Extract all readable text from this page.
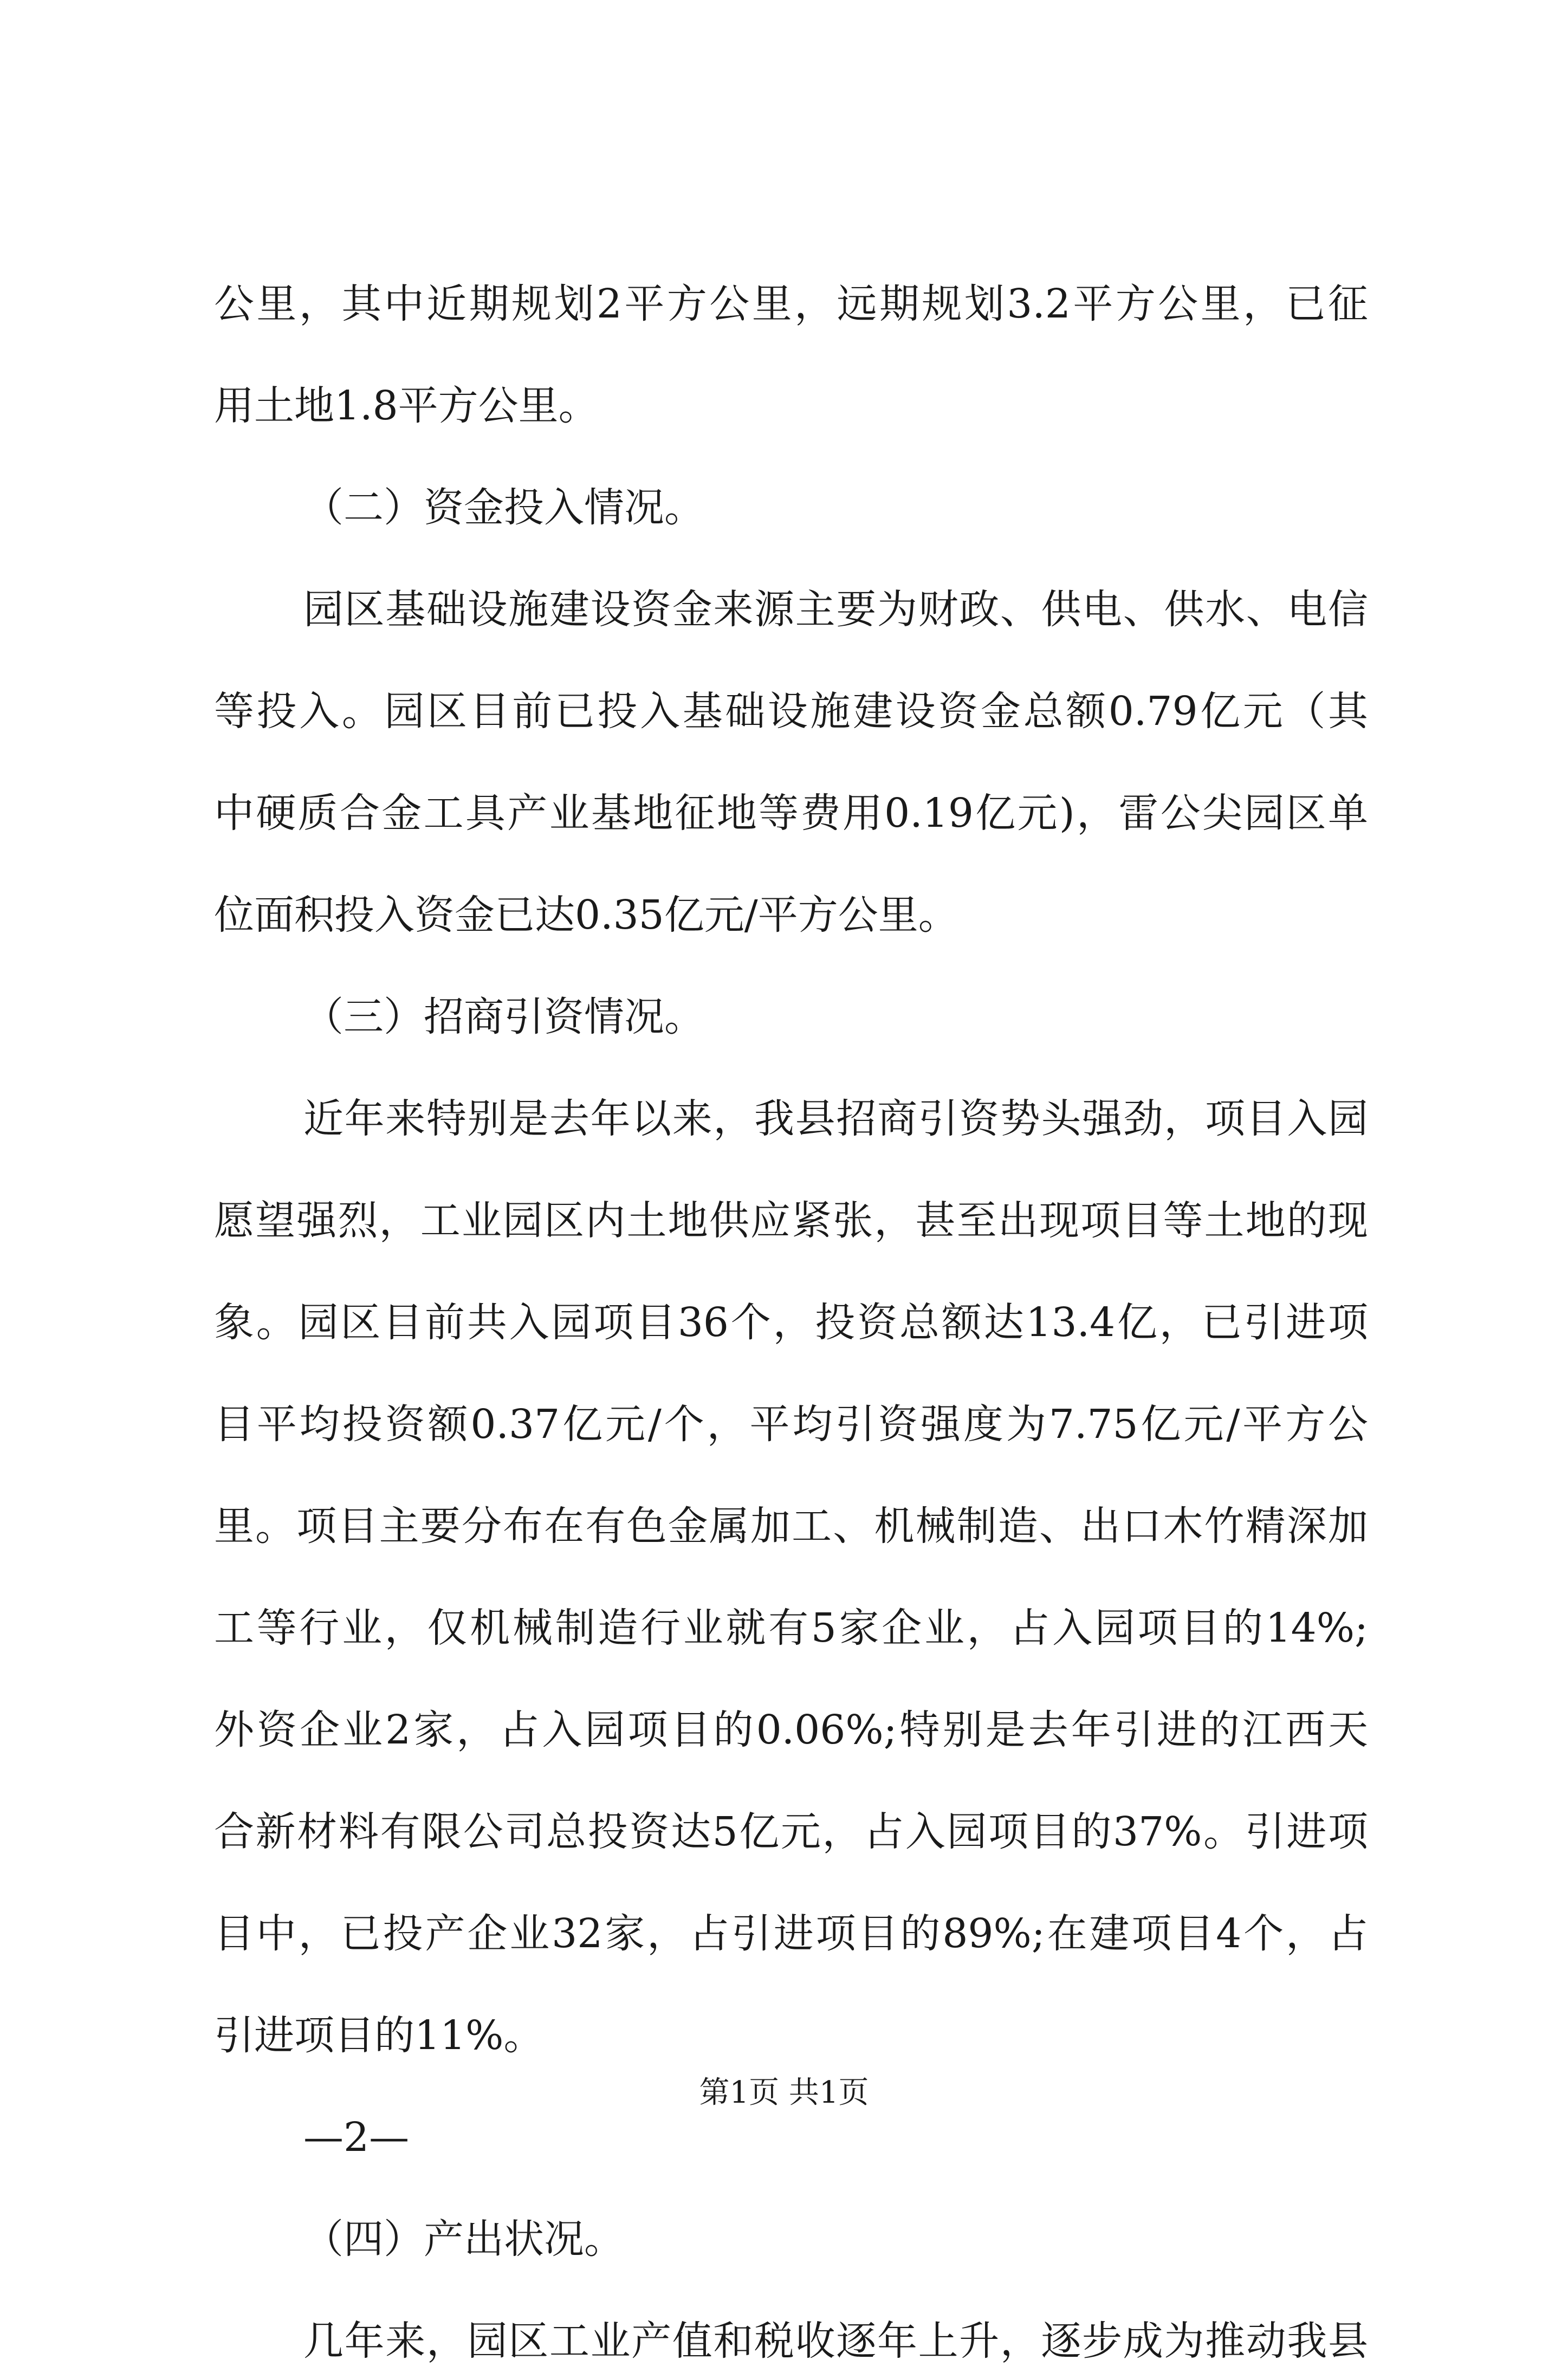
公里，其中近期规划2平方公里，远期规划3.2平方公里，已征
用土地1.8平方公里。
（二）资金投入情况。
园区基础设施建设资金来源主要为财政、供电、供水、电信
等投入。园区目前已投入基础设施建设资金总额0.79亿元（其
中硬质合金工具产业基地征地等费用0.19亿元)，雷公尖园区单
位面积投入资金已达0.35亿元/平方公里。
（三）招商引资情况。
近年来特别是去年以来，我县招商引资势头强劲，项目入园
愿望强烈，工业园区内土地供应紧张，甚至出现项目等土地的现
象。园区目前共入园项目36个，投资总额达13.4亿，已引进项
目平均投资额0.37亿元/个，平均引资强度为7.75亿元/平方公
里。项目主要分布在有色金属加工、机械制造、出口木竹精深加
工等行业，仅机械制造行业就有5家企业，占入园项目的14%;
外资企业2家，占入园项目的0.06%;特别是去年引进的江西天
合新材料有限公司总投资达5亿元，占入园项目的37%。引进项
目中，已投产企业32家，占引进项目的89%;在建项目4个，占
引进项目的11%。
—2—
（四）产出状况。
几年来，园区工业产值和税收逐年上升，逐步成为推动我县
第1页 共1页
